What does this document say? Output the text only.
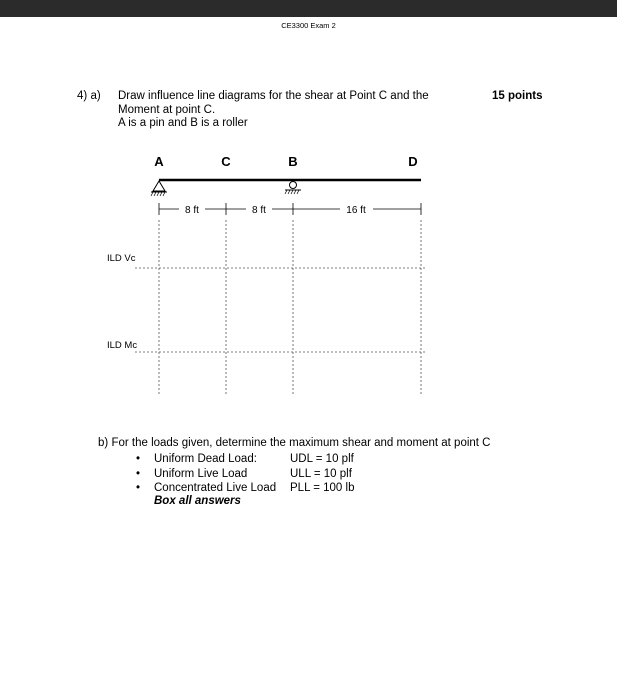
CE3300 Exam 2
4) a) Draw influence line diagrams for the shear at Point C and the
Moment at point C.
A is a pin and B is a roller
15 points
A	C	B	D
8 ft	8 ft	16 ft
ILD Vc
ILD Mc
b) For the loads given, determine the maximum shear and moment at point C
• Uniform Dead Load:	UDL = 10 plf
• Uniform Live Load	ULL = 10 plf
• Concentrated Live Load PLL = 100 lb
Box all answers
